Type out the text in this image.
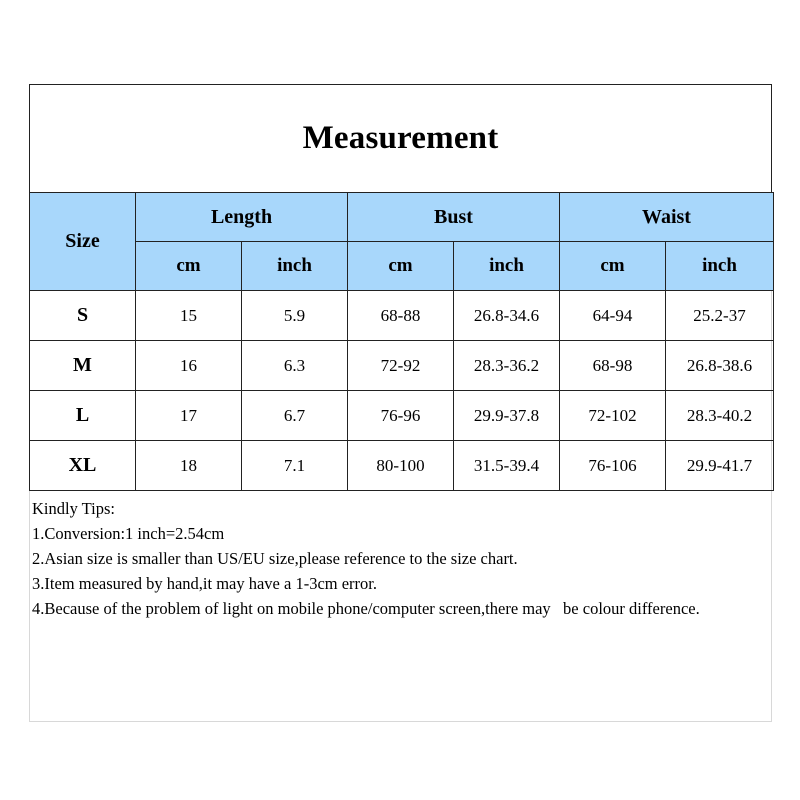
Measurement
Size	Length		Bust		Waist	
	cm	inch	cm	inch	cm	inch
S	15	5.9	68-88	26.8-34.6	64-94	25.2-37
M	16	6.3	72-92	28.3-36.2	68-98	26.8-38.6
L	17	6.7	76-96	29.9-37.8	72-102	28.3-40.2
XL	18	7.1	80-100	31.5-39.4	76-106	29.9-41.7
Kindly Tips:
1.Conversion:1 inch=2.54cm
2.Asian size is smaller than US/EU size,please reference to the size chart.
3.Item measured by hand,it may have a 1-3cm error.
4.Because of the problem of light on mobile phone/computer screen,there may   be colour difference.
